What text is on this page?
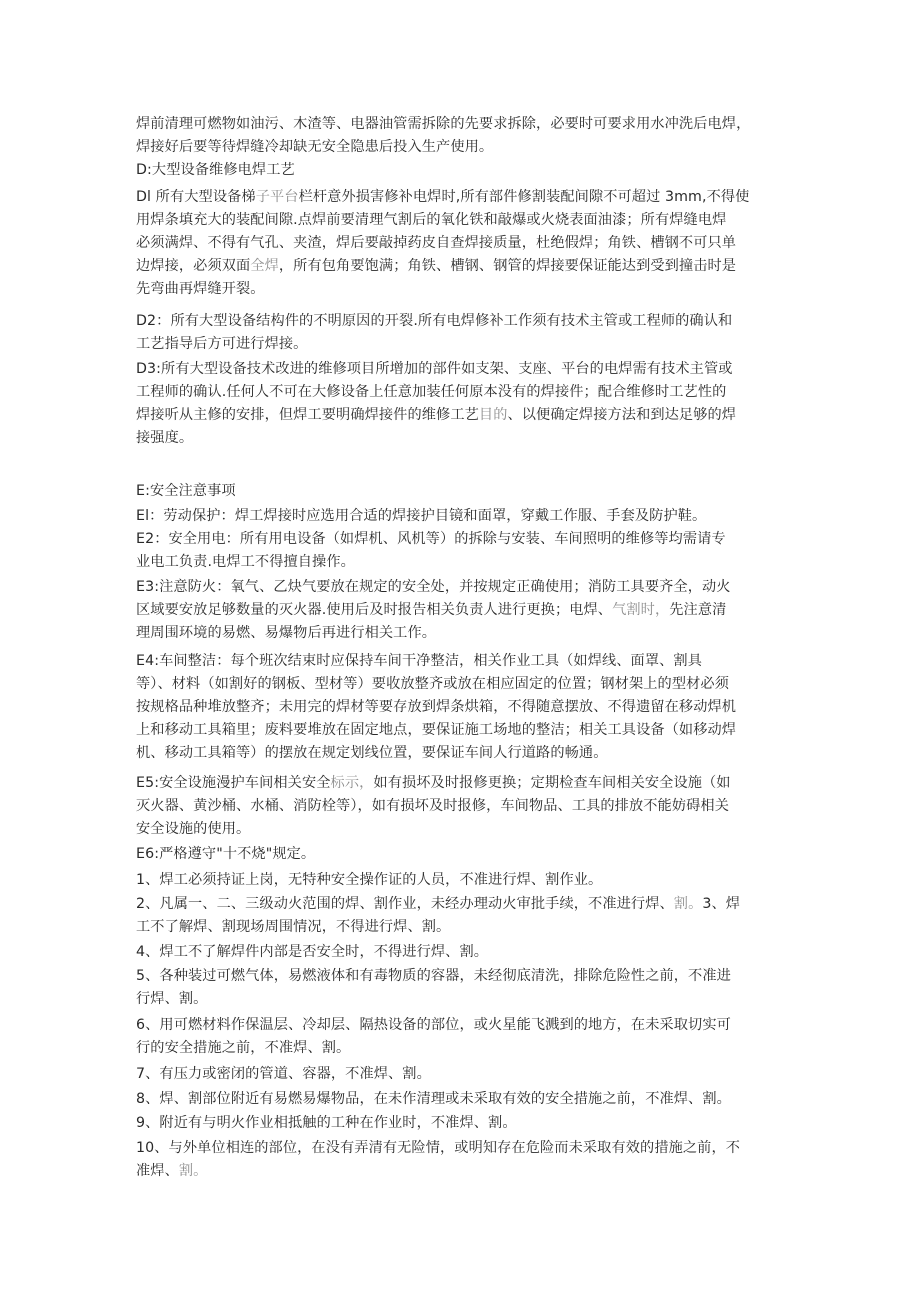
焊前清理可燃物如油污、木渣等、电器油管需拆除的先要求拆除，必要时可要求用水冲洗后电焊，
焊接好后要等待焊缝冷却缺无安全隐患后投入生产使用。
D:大型设备维修电焊工艺
Dl 所有大型设备梯子平台栏杆意外损害修补电焊时,所有部件修割装配间隙不可超过 3mm,不得使
用焊条填充大的装配间隙.点焊前要清理气割后的氧化铁和敲爆或火烧表面油漆；所有焊缝电焊
必须满焊、不得有气孔、夹渣，焊后要敲掉药皮自查焊接质量，杜绝假焊；角铁、槽钢不可只单
边焊接，必须双面全焊，所有包角要饱满；角铁、槽钢、钢管的焊接要保证能达到受到撞击时是
先弯曲再焊缝开裂。
D2：所有大型设备结构件的不明原因的开裂.所有电焊修补工作须有技术主管或工程师的确认和
工艺指导后方可进行焊接。
D3:所有大型设备技术改进的维修项目所增加的部件如支架、支座、平台的电焊需有技术主管或
工程师的确认.任何人不可在大修设备上任意加装任何原本没有的焊接件；配合维修时工艺性的
焊接听从主修的安排，但焊工要明确焊接件的维修工艺目的、以便确定焊接方法和到达足够的焊
接强度。
E:安全注意事项
El：劳动保护：焊工焊接时应选用合适的焊接护目镜和面罩，穿戴工作服、手套及防护鞋。
E2：安全用电：所有用电设备（如焊机、风机等）的拆除与安装、车间照明的维修等均需请专
业电工负责.电焊工不得擅自操作。
E3:注意防火：氧气、乙炔气要放在规定的安全处，并按规定正确使用；消防工具要齐全，动火
区域要安放足够数量的灭火器.使用后及时报告相关负责人进行更换；电焊、气割时，先注意清
理周围环境的易燃、易爆物后再进行相关工作。
E4:车间整洁：每个班次结束时应保持车间干净整洁，相关作业工具（如焊线、面罩、割具
等）、材料（如割好的钢板、型材等）要收放整齐或放在相应固定的位置；钢材架上的型材必须
按规格品种堆放整齐；未用完的焊材等要存放到焊条烘箱，不得随意摆放、不得遗留在移动焊机
上和移动工具箱里；废料要堆放在固定地点，要保证施工场地的整洁；相关工具设备（如移动焊
机、移动工具箱等）的摆放在规定划线位置，要保证车间人行道路的畅通。
E5:安全设施漫护车间相关安全标示，如有损坏及时报修更换；定期检查车间相关安全设施（如
灭火器、黄沙桶、水桶、消防栓等），如有损坏及时报修，车间物品、工具的排放不能妨碍相关
安全设施的使用。
E6:严格遵守"十不烧"规定。
1、焊工必须持证上岗，无特种安全操作证的人员，不准进行焊、割作业。
2、凡属一、二、三级动火范围的焊、割作业，未经办理动火审批手续，不准进行焊、割。3、焊
工不了解焊、割现场周围情况，不得进行焊、割。
4、焊工不了解焊件内部是否安全时，不得进行焊、割。
5、各种装过可燃气体，易燃液体和有毒物质的容器，未经彻底清洗，排除危险性之前，不准进
行焊、割。
6、用可燃材料作保温层、冷却层、隔热设备的部位，或火星能飞溅到的地方，在未采取切实可
行的安全措施之前，不准焊、割。
7、有压力或密闭的管道、容器，不准焊、割。
8、焊、割部位附近有易燃易爆物品，在未作清理或未采取有效的安全措施之前，不准焊、割。
9、附近有与明火作业相抵触的工种在作业时，不准焊、割。
10、与外单位相连的部位，在没有弄清有无险情，或明知存在危险而未采取有效的措施之前，不
准焊、割。
